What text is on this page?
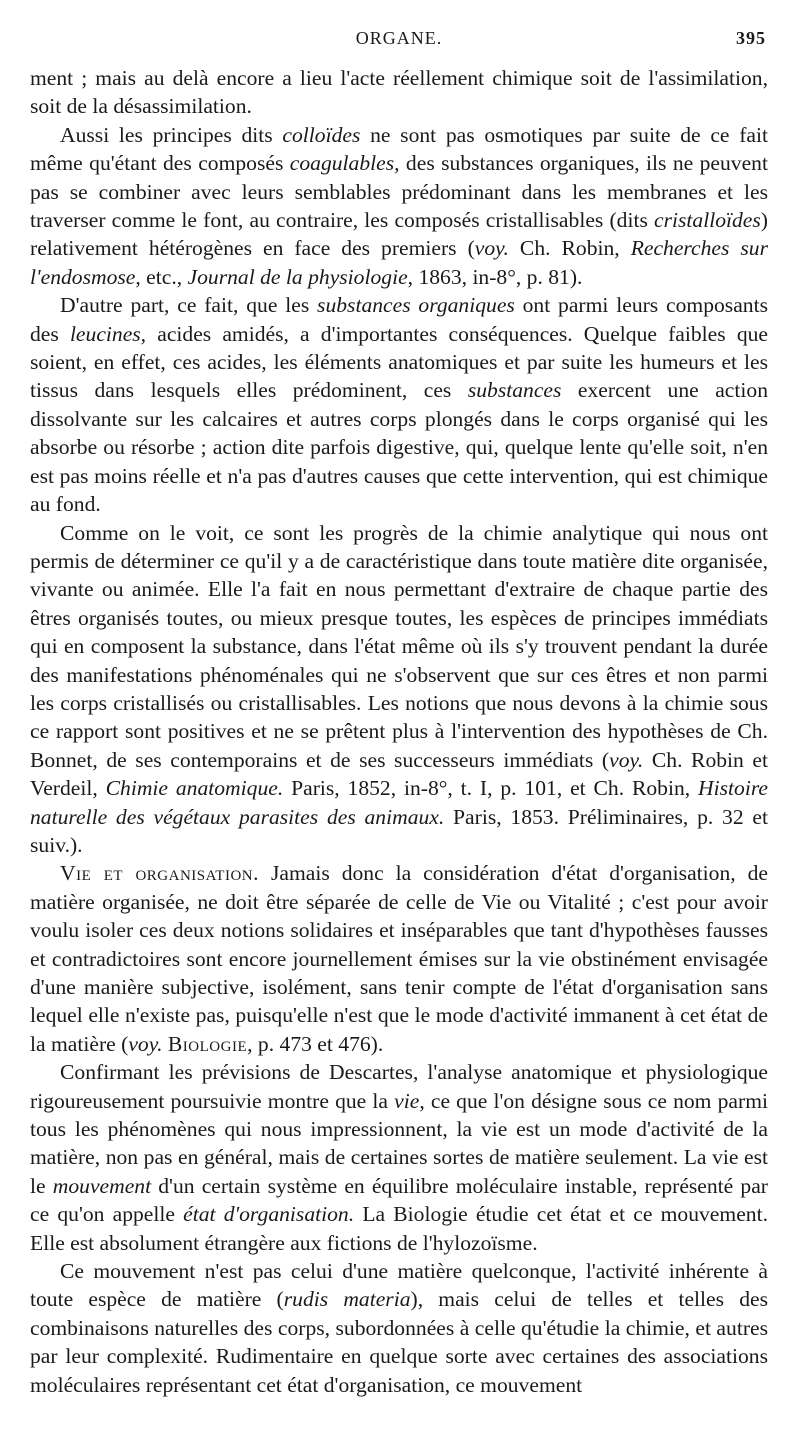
ORGANE.	395

ment ; mais au delà encore a lieu l'acte réellement chimique soit de l'assimilation, soit de la désassimilation.

Aussi les principes dits colloïdes ne sont pas osmotiques par suite de ce fait même qu'étant des composés coagulables, des substances organiques, ils ne peuvent pas se combiner avec leurs semblables prédominant dans les membranes et les traverser comme le font, au contraire, les composés cristallisables (dits cristalloïdes) relativement hétérogènes en face des premiers (voy. Ch. Robin, Recherches sur l'endosmose, etc., Journal de la physiologie, 1863, in-8°, p. 81).

D'autre part, ce fait, que les substances organiques ont parmi leurs composants des leucines, acides amidés, a d'importantes conséquences. Quelque faibles que soient, en effet, ces acides, les éléments anatomiques et par suite les humeurs et les tissus dans lesquels elles prédominent, ces substances exercent une action dissolvante sur les calcaires et autres corps plongés dans le corps organisé qui les absorbe ou résorbe ; action dite parfois digestive, qui, quelque lente qu'elle soit, n'en est pas moins réelle et n'a pas d'autres causes que cette intervention, qui est chimique au fond.

Comme on le voit, ce sont les progrès de la chimie analytique qui nous ont permis de déterminer ce qu'il y a de caractéristique dans toute matière dite organisée, vivante ou animée. Elle l'a fait en nous permettant d'extraire de chaque partie des êtres organisés toutes, ou mieux presque toutes, les espèces de principes immédiats qui en composent la substance, dans l'état même où ils s'y trouvent pendant la durée des manifestations phénoménales qui ne s'observent que sur ces êtres et non parmi les corps cristallisés ou cristallisables. Les notions que nous devons à la chimie sous ce rapport sont positives et ne se prêtent plus à l'intervention des hypothèses de Ch. Bonnet, de ses contemporains et de ses successeurs immédiats (voy. Ch. Robin et Verdeil, Chimie anatomique. Paris, 1852, in-8°, t. I, p. 101, et Ch. Robin, Histoire naturelle des végétaux parasites des animaux. Paris, 1853. Préliminaires, p. 32 et suiv.).

Vie et organisation. Jamais donc la considération d'état d'organisation, de matière organisée, ne doit être séparée de celle de Vie ou Vitalité ; c'est pour avoir voulu isoler ces deux notions solidaires et inséparables que tant d'hypothèses fausses et contradictoires sont encore journellement émises sur la vie obstinément envisagée d'une manière subjective, isolément, sans tenir compte de l'état d'organisation sans lequel elle n'existe pas, puisqu'elle n'est que le mode d'activité immanent à cet état de la matière (voy. Biologie, p. 473 et 476).

Confirmant les prévisions de Descartes, l'analyse anatomique et physiologique rigoureusement poursuivie montre que la vie, ce que l'on désigne sous ce nom parmi tous les phénomènes qui nous impressionnent, la vie est un mode d'activité de la matière, non pas en général, mais de certaines sortes de matière seulement. La vie est le mouvement d'un certain système en équilibre moléculaire instable, représenté par ce qu'on appelle état d'organisation. La Biologie étudie cet état et ce mouvement. Elle est absolument étrangère aux fictions de l'hylozoïsme.

Ce mouvement n'est pas celui d'une matière quelconque, l'activité inhérente à toute espèce de matière (rudis materia), mais celui de telles et telles des combinaisons naturelles des corps, subordonnées à celle qu'étudie la chimie, et autres par leur complexité. Rudimentaire en quelque sorte avec certaines des associations moléculaires représentant cet état d'organisation, ce mouvement
